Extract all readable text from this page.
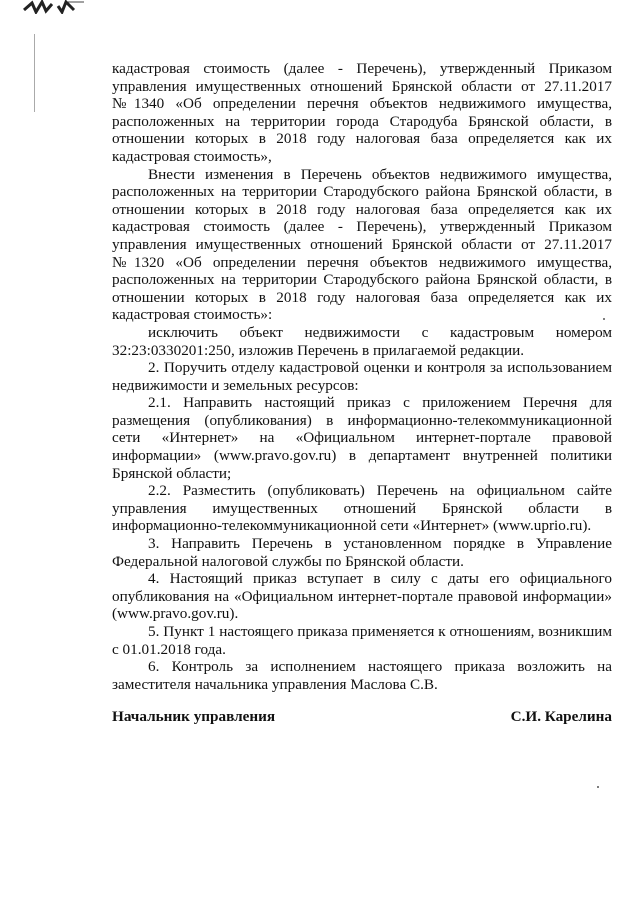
кадастровая стоимость (далее - Перечень), утвержденный Приказом управления имущественных отношений Брянской области от 27.11.2017 №1340 «Об определении перечня объектов недвижимого имущества, расположенных на территории города Стародуба Брянской области, в отношении которых в 2018 году налоговая база определяется как их кадастровая стоимость»,

Внести изменения в Перечень объектов недвижимого имущества, расположенных на территории Стародубского района Брянской области, в отношении которых в 2018 году налоговая база определяется как их кадастровая стоимость (далее - Перечень), утвержденный Приказом управления имущественных отношений Брянской области от 27.11.2017 №1320 «Об определении перечня объектов недвижимого имущества, расположенных на территории Стародубского района Брянской области, в отношении которых в 2018 году налоговая база определяется как их кадастровая стоимость»:

исключить объект недвижимости с кадастровым номером 32:23:0330201:250, изложив Перечень в прилагаемой редакции.

2. Поручить отделу кадастровой оценки и контроля за использованием недвижимости и земельных ресурсов:

2.1. Направить настоящий приказ с приложением Перечня для размещения (опубликования) в информационно-телекоммуникационной сети «Интернет» на «Официальном интернет-портале правовой информации» (www.pravo.gov.ru) в департамент внутренней политики Брянской области;

2.2. Разместить (опубликовать) Перечень на официальном сайте управления имущественных отношений Брянской области в информационно-телекоммуникационной сети «Интернет» (www.uprio.ru).

3. Направить Перечень в установленном порядке в Управление Федеральной налоговой службы по Брянской области.

4. Настоящий приказ вступает в силу с даты его официального опубликования на «Официальном интернет-портале правовой информации» (www.pravo.gov.ru).

5. Пункт 1 настоящего приказа применяется к отношениям, возникшим с 01.01.2018 года.

6. Контроль за исполнением настоящего приказа возложить на заместителя начальника управления Маслова С.В.

Начальник управления	С.И. Карелина
